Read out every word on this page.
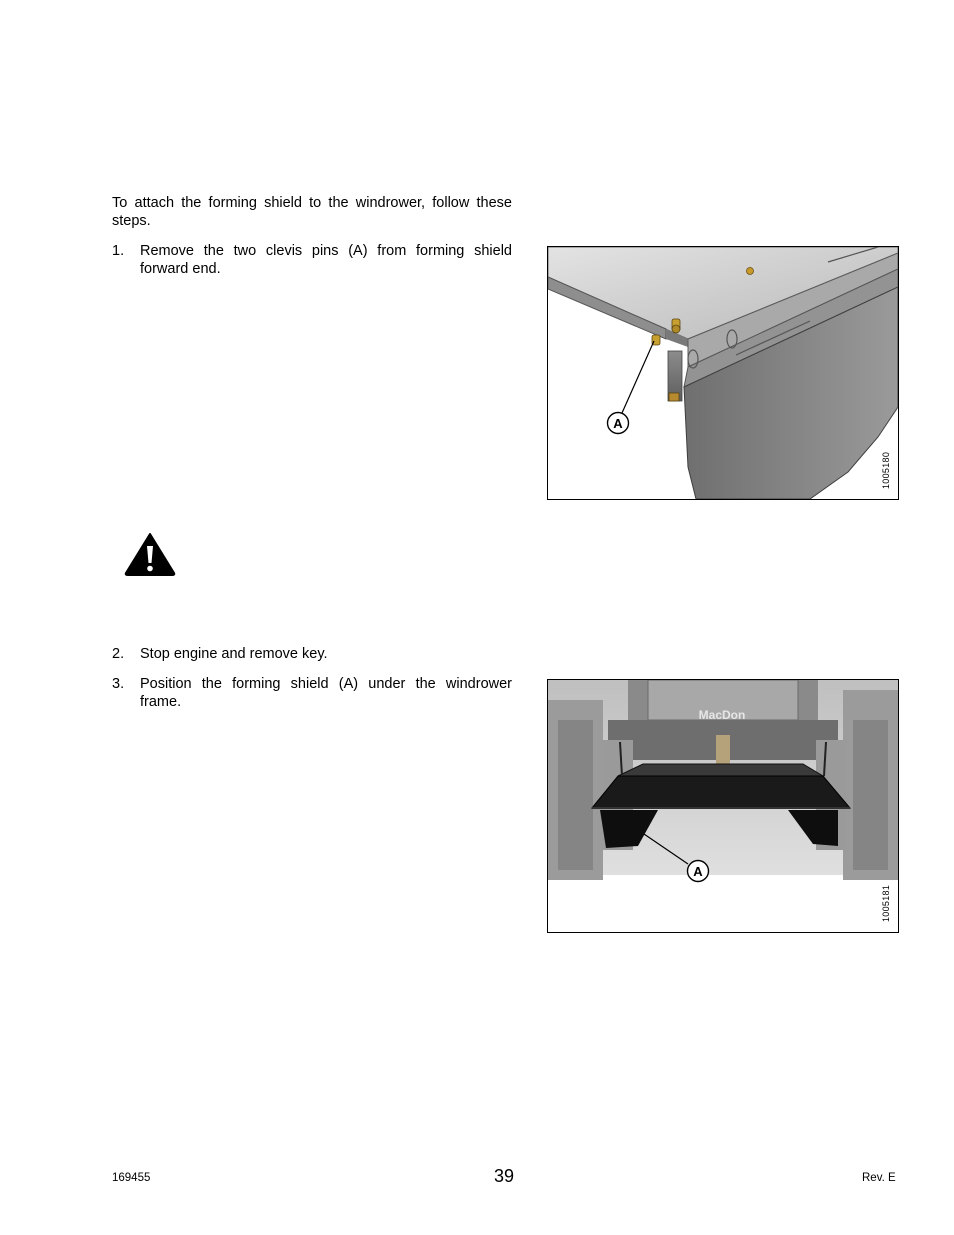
To attach the forming shield to the windrower, follow these steps.
1. Remove the two clevis pins (A) from forming shield forward end.
A
1005180
2. Stop engine and remove key.
3. Position the forming shield (A) under the windrower frame.
MacDon
A
1005181
169455	39	Rev. E
